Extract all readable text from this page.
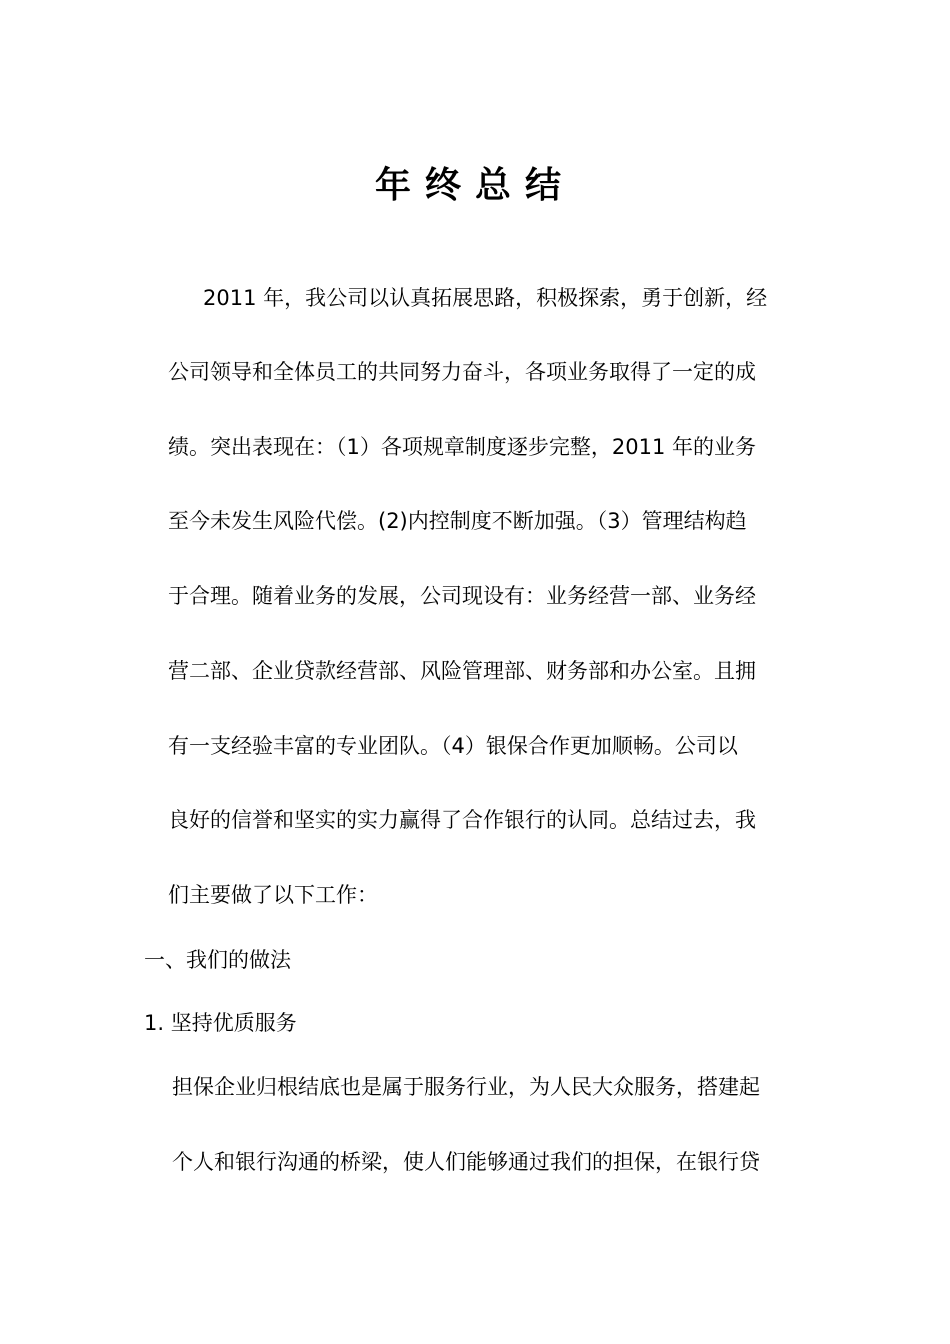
年终总结
2011 年，我公司以认真拓展思路，积极探索，勇于创新，经
公司领导和全体员工的共同努力奋斗，各项业务取得了一定的成
绩。突出表现在：（1）各项规章制度逐步完整，2011 年的业务
至今未发生风险代偿。(2)内控制度不断加强。（3）管理结构趋
于合理。随着业务的发展，公司现设有：业务经营一部、业务经
营二部、企业贷款经营部、风险管理部、财务部和办公室。且拥
有一支经验丰富的专业团队。（4）银保合作更加顺畅。公司以
良好的信誉和坚实的实力赢得了合作银行的认同。总结过去，我
们主要做了以下工作：
一、我们的做法
1. 坚持优质服务
担保企业归根结底也是属于服务行业，为人民大众服务，搭建起
个人和银行沟通的桥梁，使人们能够通过我们的担保，在银行贷
